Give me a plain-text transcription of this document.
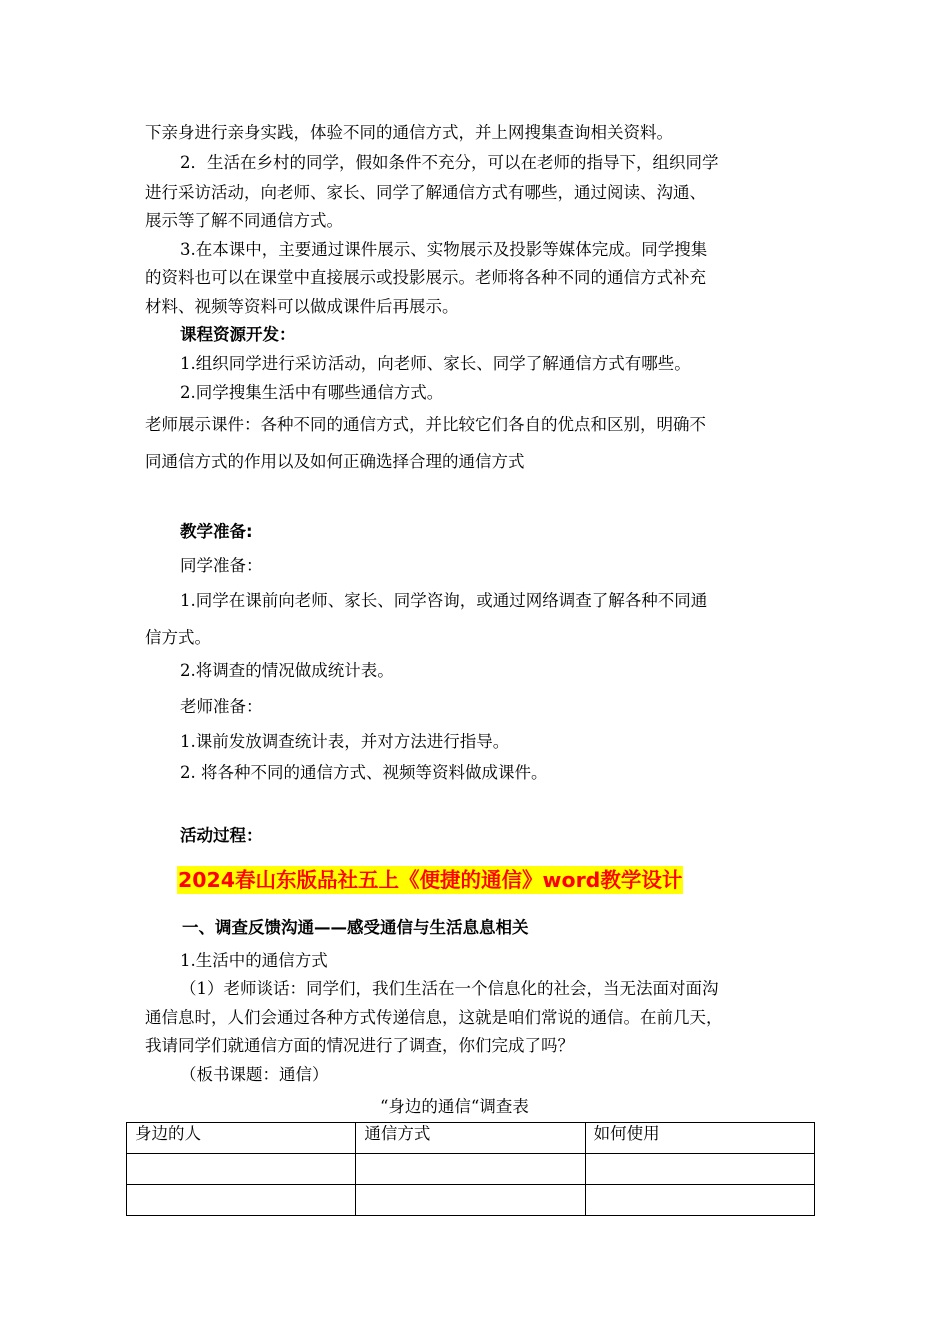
下亲身进行亲身实践，体验不同的通信方式，并上网搜集查询相关资料。
2．生活在乡村的同学，假如条件不充分，可以在老师的指导下，组织同学
进行采访活动，向老师、家长、同学了解通信方式有哪些，通过阅读、沟通、
展示等了解不同通信方式。
3.在本课中，主要通过课件展示、实物展示及投影等媒体完成。同学搜集
的资料也可以在课堂中直接展示或投影展示。老师将各种不同的通信方式补充
材料、视频等资料可以做成课件后再展示。
课程资源开发：
1.组织同学进行采访活动，向老师、家长、同学了解通信方式有哪些。
2.同学搜集生活中有哪些通信方式。
老师展示课件：各种不同的通信方式，并比较它们各自的优点和区别，明确不
同通信方式的作用以及如何正确选择合理的通信方式
教学准备:
同学准备：
1.同学在课前向老师、家长、同学咨询，或通过网络调查了解各种不同通
信方式。
2.将调查的情况做成统计表。
老师准备：
1.课前发放调查统计表，并对方法进行指导。
2. 将各种不同的通信方式、视频等资料做成课件。
活动过程：
2024春山东版品社五上《便捷的通信》word教学设计
一、调查反馈沟通——感受通信与生活息息相关
1.生活中的通信方式
（1）老师谈话：同学们，我们生活在一个信息化的社会，当无法面对面沟
通信息时，人们会通过各种方式传递信息，这就是咱们常说的通信。在前几天，
我请同学们就通信方面的情况进行了调查，你们完成了吗？
（板书课题：通信）
“身边的通信“调查表
身边的人	通信方式	如何使用
